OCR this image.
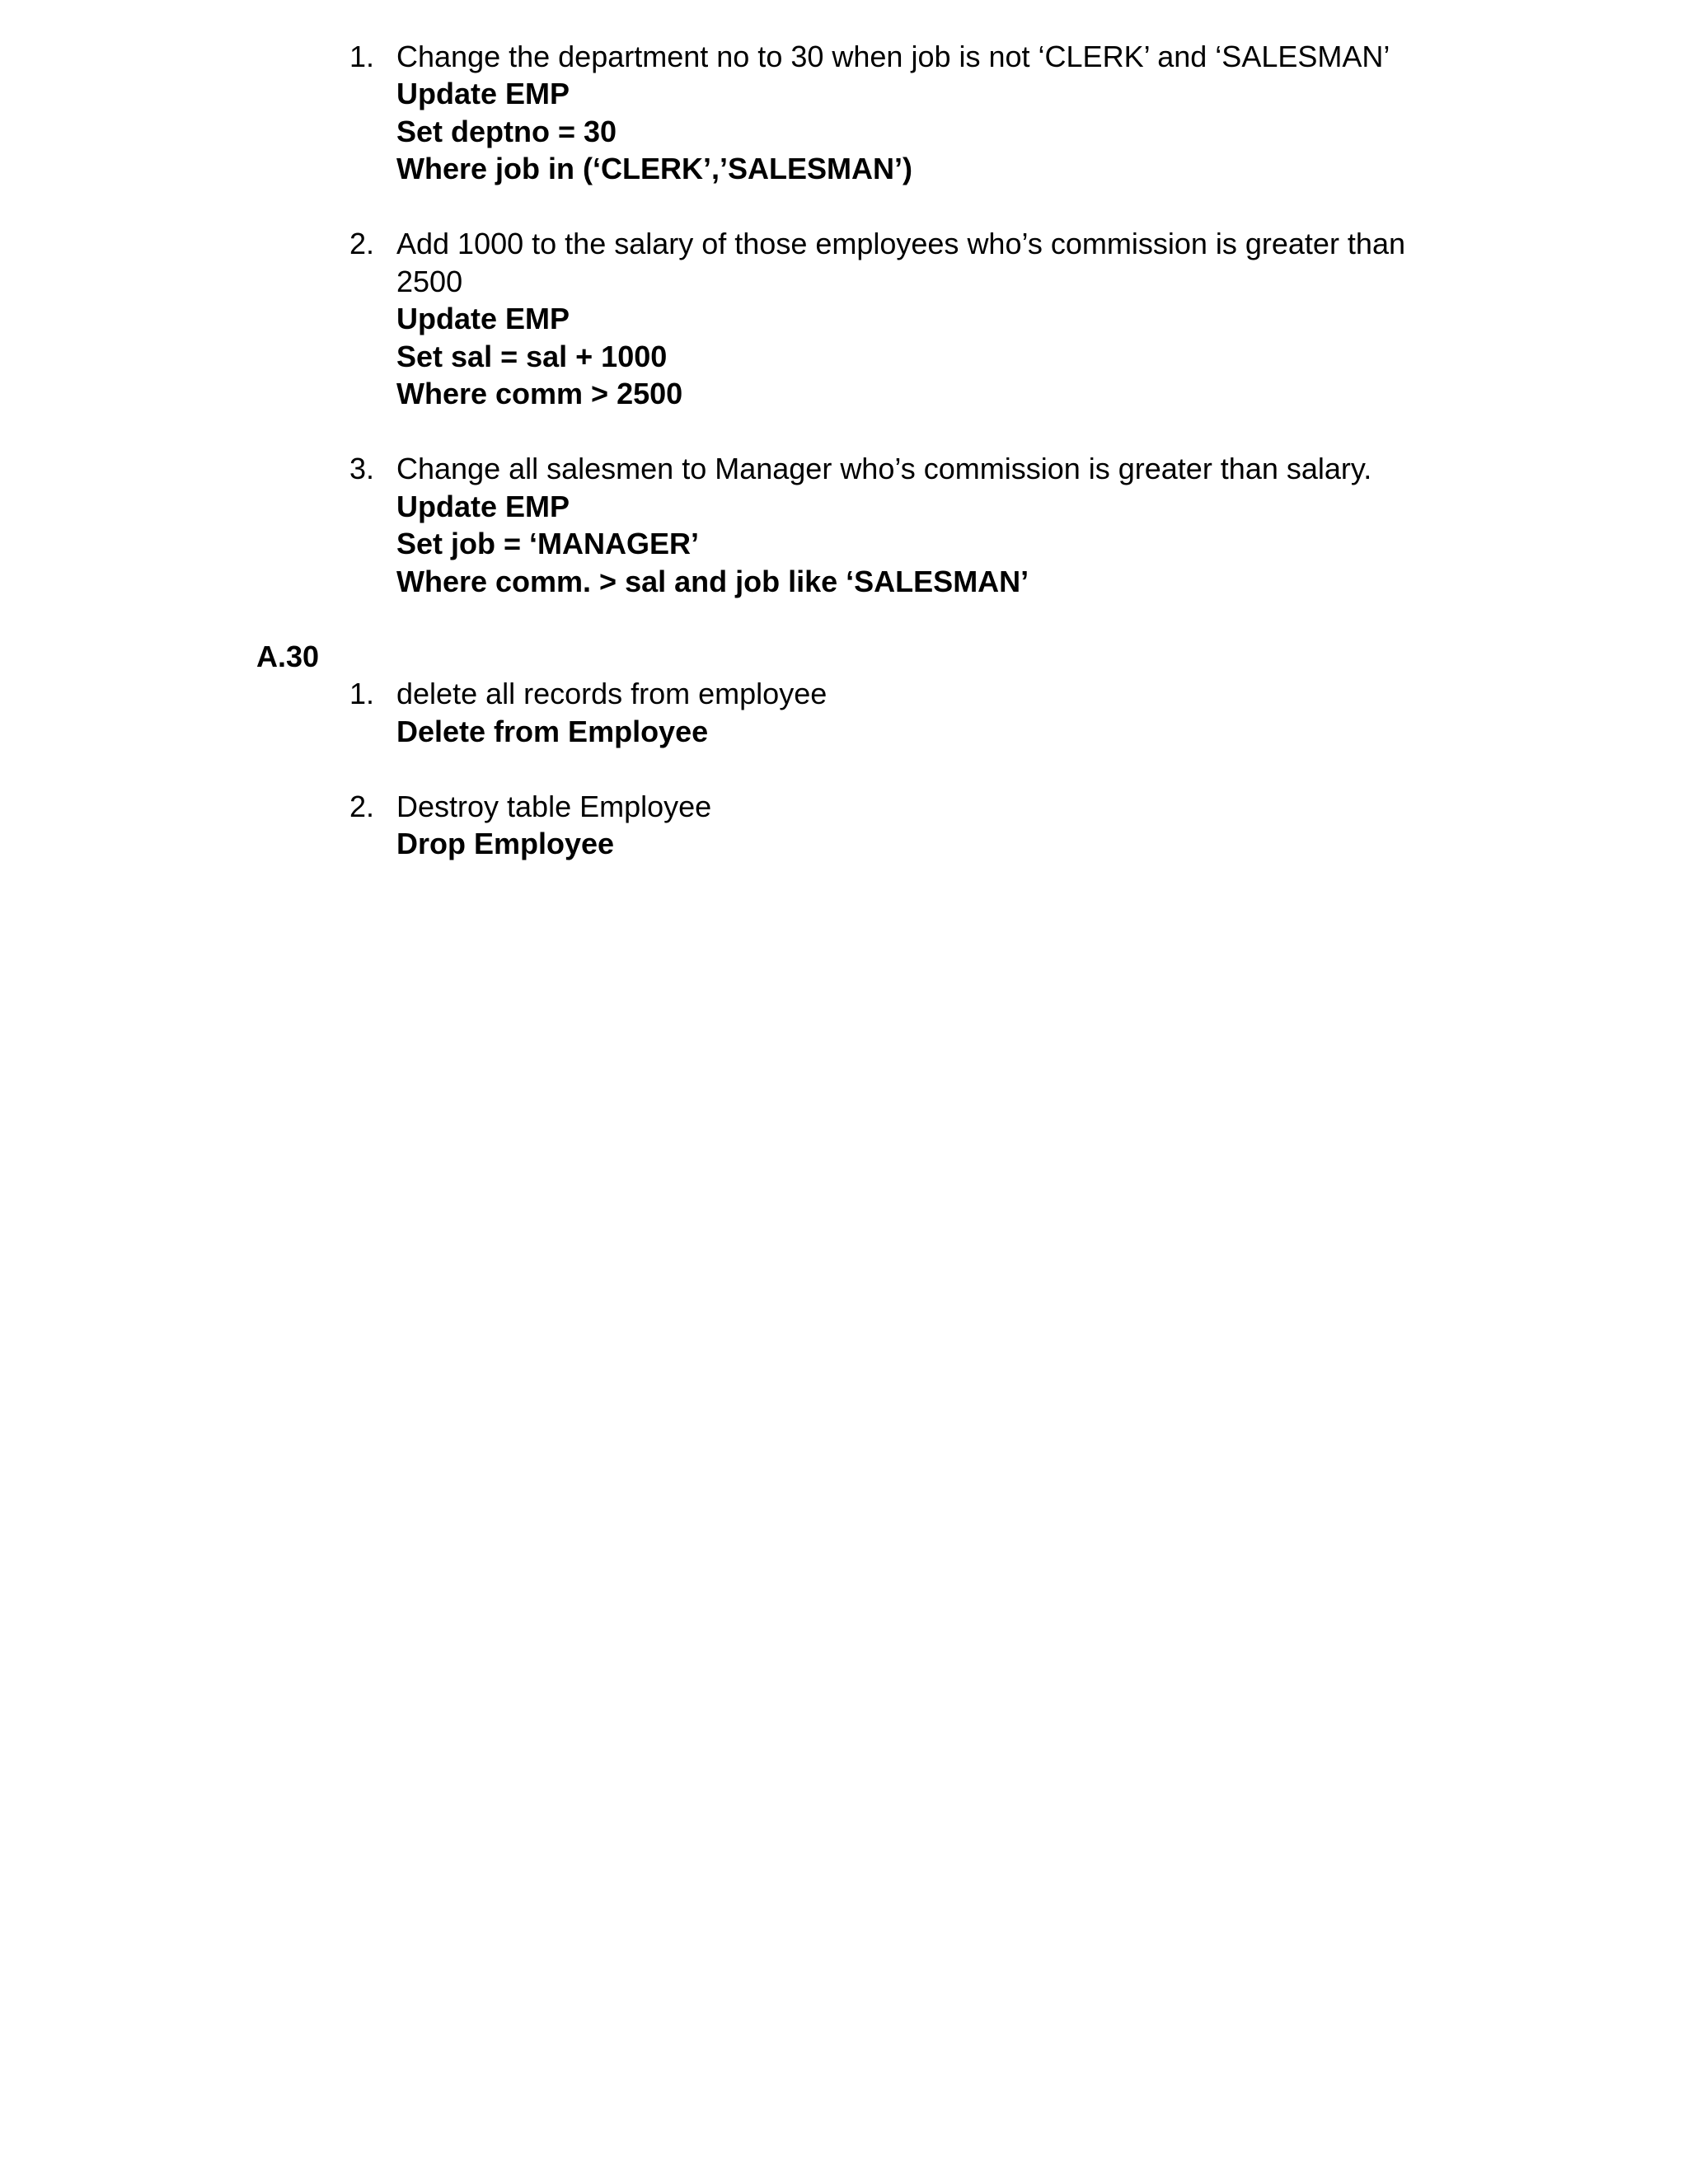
1. Change the department no to 30 when job is not ‘CLERK’ and ‘SALESMAN’
Update EMP
Set deptno = 30
Where job in (‘CLERK’,’SALESMAN’)
2. Add 1000 to the salary of those employees who’s commission is greater than
2500
Update EMP
Set sal = sal + 1000
Where comm > 2500
3. Change all salesmen to Manager who’s commission is greater than salary.
Update EMP
Set job = ‘MANAGER’
Where comm. > sal and job like ‘SALESMAN’
A.30
1. delete all records from employee
Delete from Employee
2. Destroy table Employee
Drop Employee
